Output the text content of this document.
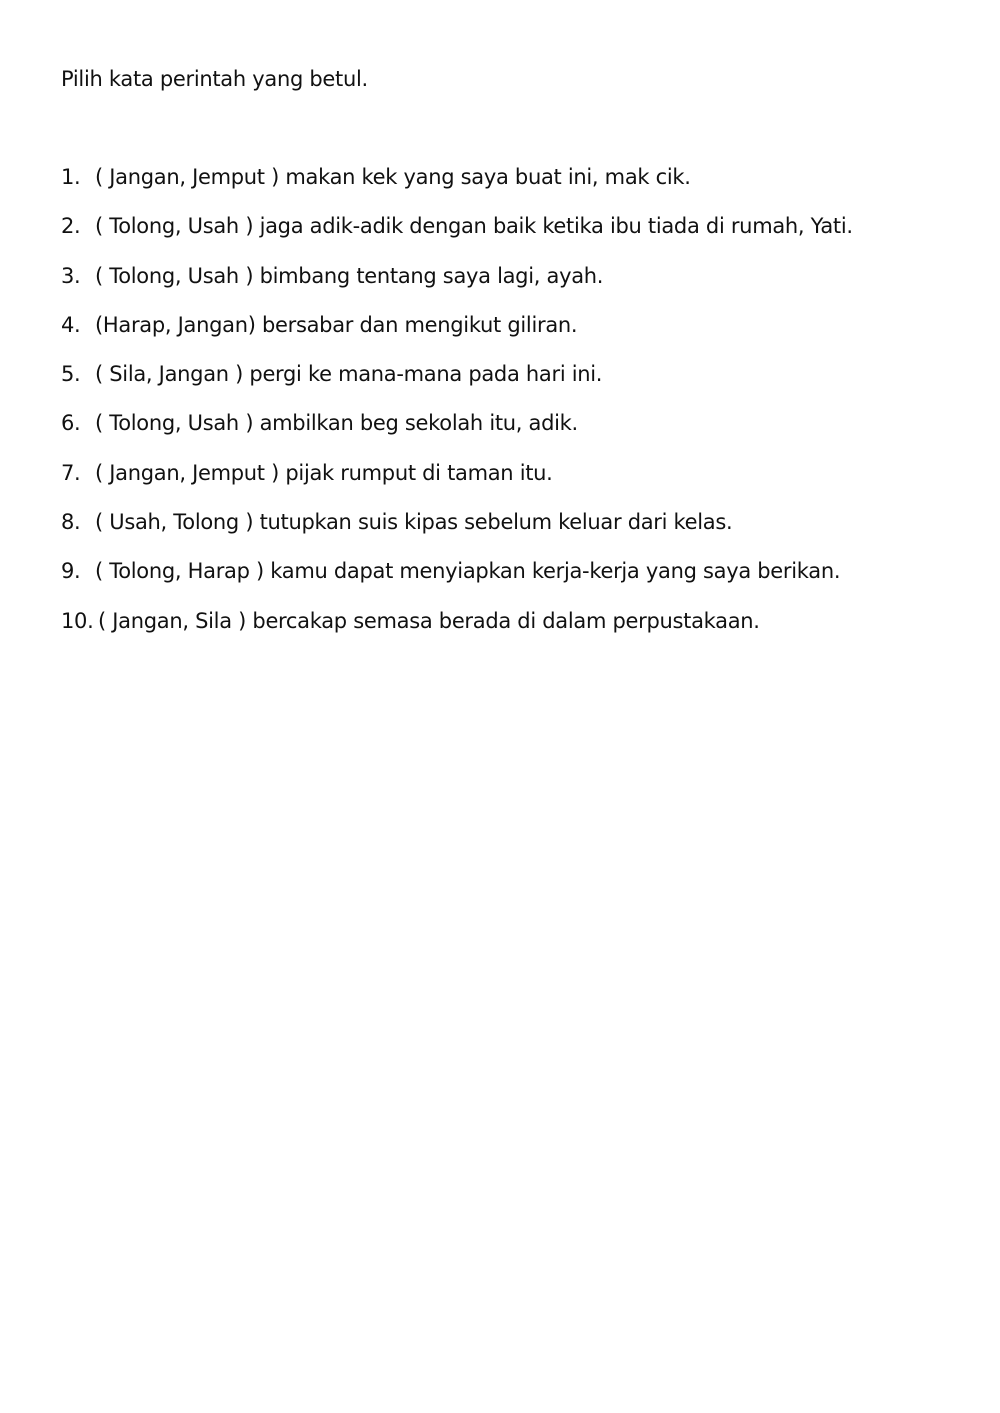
Pilih kata perintah yang betul.
1. ( Jangan, Jemput ) makan kek yang saya buat ini, mak cik.
2. ( Tolong, Usah ) jaga adik-adik dengan baik ketika ibu tiada di rumah, Yati.
3. ( Tolong, Usah ) bimbang tentang saya lagi, ayah.
4. (Harap, Jangan) bersabar dan mengikut giliran.
5. ( Sila, Jangan ) pergi ke mana-mana pada hari ini.
6. ( Tolong, Usah ) ambilkan beg sekolah itu, adik.
7. ( Jangan, Jemput ) pijak rumput di taman itu.
8. ( Usah, Tolong ) tutupkan suis kipas sebelum keluar dari kelas.
9. ( Tolong, Harap ) kamu dapat menyiapkan kerja-kerja yang saya berikan.
10. ( Jangan, Sila ) bercakap semasa berada di dalam perpustakaan.
